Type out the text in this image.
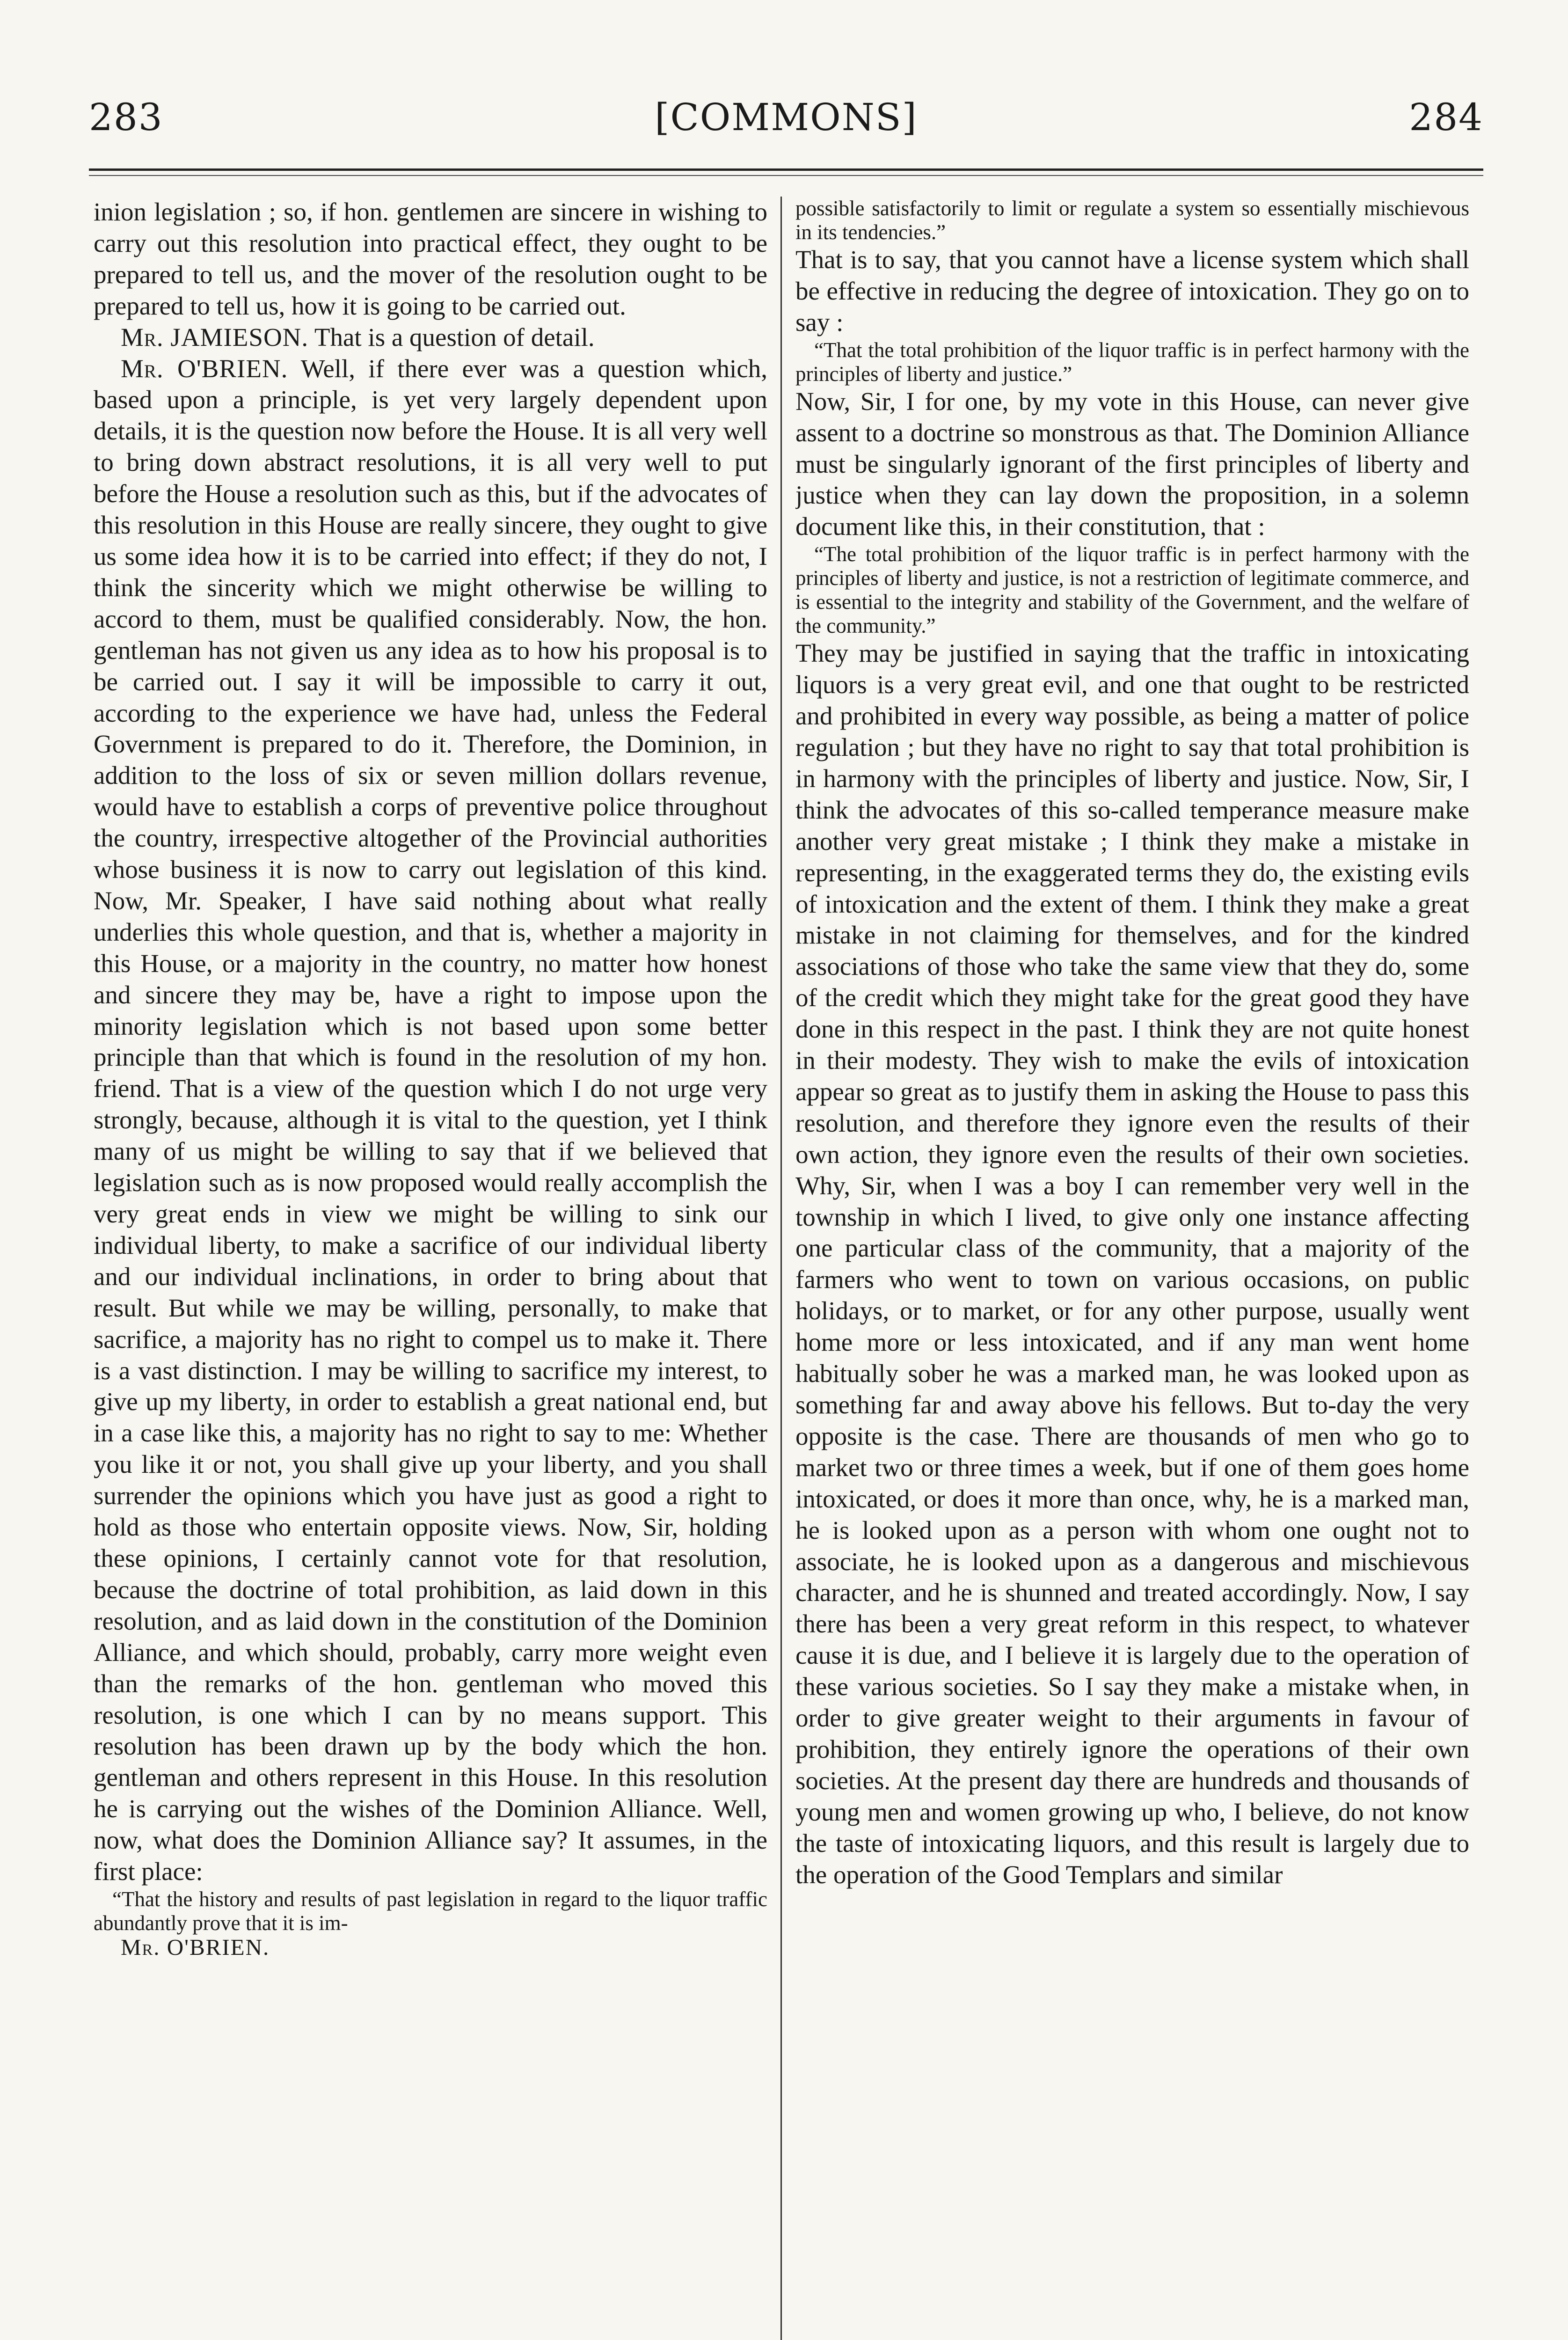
283	[COMMONS]	284

inion legislation ; so, if hon. gentlemen are sincere in wishing to carry out this resolution into practical effect, they ought to be prepared to tell us, and the mover of the resolution ought to be prepared to tell us, how it is going to be carried out.

Mr. JAMIESON. That is a question of detail.

Mr. O'BRIEN. Well, if there ever was a question which, based upon a principle, is yet very largely dependent upon details, it is the question now before the House. It is all very well to bring down abstract resolutions, it is all very well to put before the House a resolution such as this, but if the advocates of this resolution in this House are really sincere, they ought to give us some idea how it is to be carried into effect; if they do not, I think the sincerity which we might otherwise be willing to accord to them, must be qualified considerably. Now, the hon. gentleman has not given us any idea as to how his proposal is to be carried out. I say it will be impossible to carry it out, according to the experience we have had, unless the Federal Government is prepared to do it. Therefore, the Dominion, in addition to the loss of six or seven million dollars revenue, would have to establish a corps of preventive police throughout the country, irrespective altogether of the Provincial authorities whose business it is now to carry out legislation of this kind. Now, Mr. Speaker, I have said nothing about what really underlies this whole question, and that is, whether a majority in this House, or a majority in the country, no matter how honest and sincere they may be, have a right to impose upon the minority legislation which is not based upon some better principle than that which is found in the resolution of my hon. friend. That is a view of the question which I do not urge very strongly, because, although it is vital to the question, yet I think many of us might be willing to say that if we believed that legislation such as is now proposed would really accomplish the very great ends in view we might be willing to sink our individual liberty, to make a sacrifice of our individual liberty and our individual inclinations, in order to bring about that result. But while we may be willing, personally, to make that sacrifice, a majority has no right to compel us to make it. There is a vast distinction. I may be willing to sacrifice my interest, to give up my liberty, in order to establish a great national end, but in a case like this, a majority has no right to say to me: Whether you like it or not, you shall give up your liberty, and you shall surrender the opinions which you have just as good a right to hold as those who entertain opposite views. Now, Sir, holding these opinions, I certainly cannot vote for that resolution, because the doctrine of total prohibition, as laid down in this resolution, and as laid down in the constitution of the Dominion Alliance, and which should, probably, carry more weight even than the remarks of the hon. gentleman who moved this resolution, is one which I can by no means support. This resolution has been drawn up by the body which the hon. gentleman and others represent in this House. In this resolution he is carrying out the wishes of the Dominion Alliance. Well, now, what does the Dominion Alliance say? It assumes, in the first place:

“That the history and results of past legislation in regard to the liquor traffic abundantly prove that it is im-

Mr. O'BRIEN.

possible satisfactorily to limit or regulate a system so essentially mischievous in its tendencies.”

That is to say, that you cannot have a license system which shall be effective in reducing the degree of intoxication. They go on to say :

“That the total prohibition of the liquor traffic is in perfect harmony with the principles of liberty and justice.”

Now, Sir, I for one, by my vote in this House, can never give assent to a doctrine so monstrous as that. The Dominion Alliance must be singularly ignorant of the first principles of liberty and justice when they can lay down the proposition, in a solemn document like this, in their constitution, that :

“The total prohibition of the liquor traffic is in perfect harmony with the principles of liberty and justice, is not a restriction of legitimate commerce, and is essential to the integrity and stability of the Government, and the welfare of the community.”

They may be justified in saying that the traffic in intoxicating liquors is a very great evil, and one that ought to be restricted and prohibited in every way possible, as being a matter of police regulation ; but they have no right to say that total prohibition is in harmony with the principles of liberty and justice. Now, Sir, I think the advocates of this so-called temperance measure make another very great mistake ; I think they make a mistake in representing, in the exaggerated terms they do, the existing evils of intoxication and the extent of them. I think they make a great mistake in not claiming for themselves, and for the kindred associations of those who take the same view that they do, some of the credit which they might take for the great good they have done in this respect in the past. I think they are not quite honest in their modesty. They wish to make the evils of intoxication appear so great as to justify them in asking the House to pass this resolution, and therefore they ignore even the results of their own action, they ignore even the results of their own societies. Why, Sir, when I was a boy I can remember very well in the township in which I lived, to give only one instance affecting one particular class of the community, that a majority of the farmers who went to town on various occasions, on public holidays, or to market, or for any other purpose, usually went home more or less intoxicated, and if any man went home habitually sober he was a marked man, he was looked upon as something far and away above his fellows. But to-day the very opposite is the case. There are thousands of men who go to market two or three times a week, but if one of them goes home intoxicated, or does it more than once, why, he is a marked man, he is looked upon as a person with whom one ought not to associate, he is looked upon as a dangerous and mischievous character, and he is shunned and treated accordingly. Now, I say there has been a very great reform in this respect, to whatever cause it is due, and I believe it is largely due to the operation of these various societies. So I say they make a mistake when, in order to give greater weight to their arguments in favour of prohibition, they entirely ignore the operations of their own societies. At the present day there are hundreds and thousands of young men and women growing up who, I believe, do not know the taste of intoxicating liquors, and this result is largely due to the operation of the Good Templars and similar
